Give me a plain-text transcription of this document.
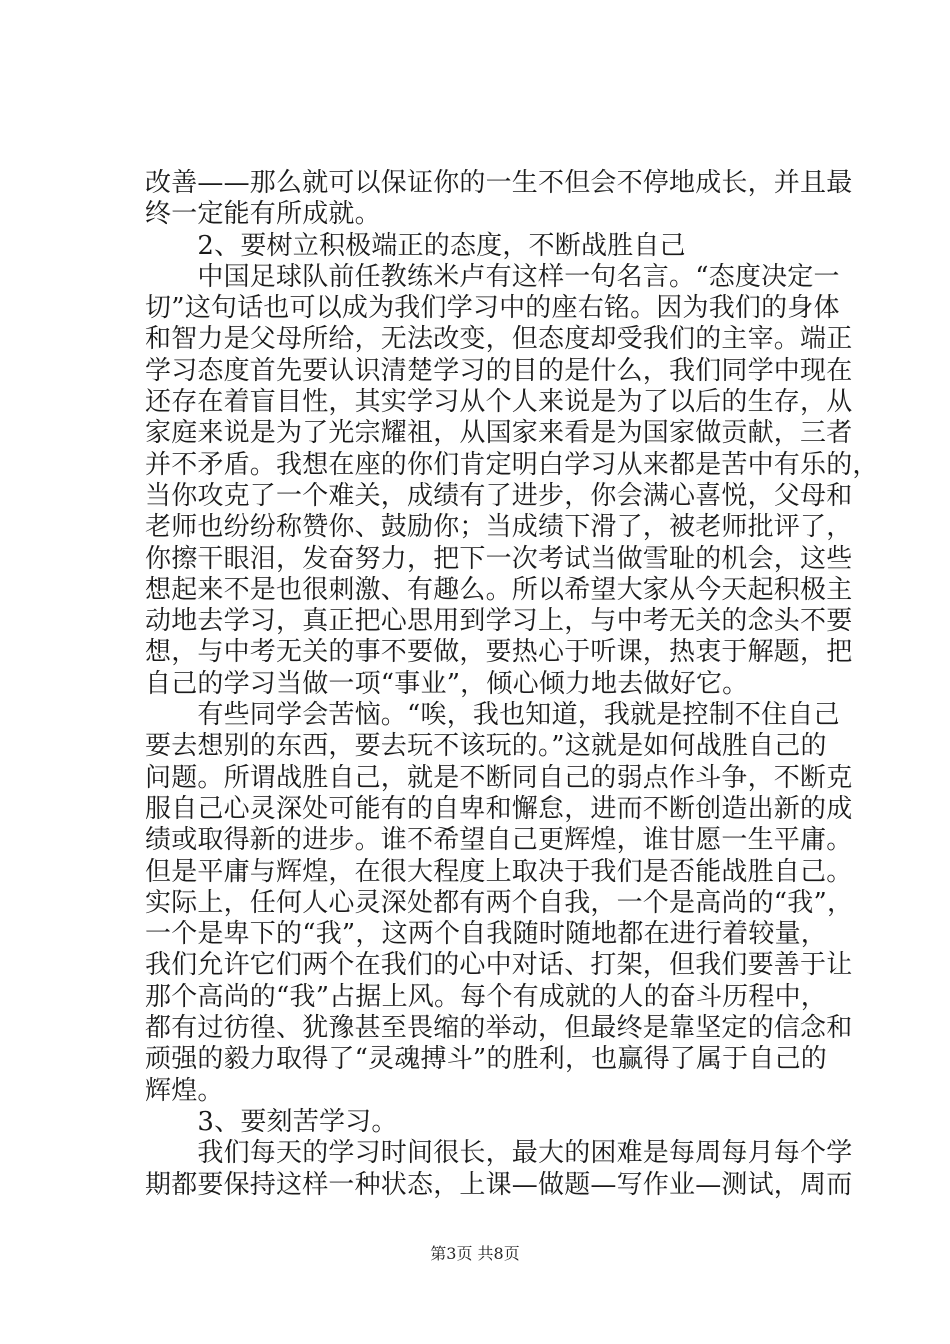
改善——那么就可以保证你的一生不但会不停地成长，并且最
终一定能有所成就。
　　2、要树立积极端正的态度，不断战胜自己
　　中国足球队前任教练米卢有这样一句名言。“态度决定一
切”这句话也可以成为我们学习中的座右铭。因为我们的身体
和智力是父母所给，无法改变，但态度却受我们的主宰。端正
学习态度首先要认识清楚学习的目的是什么，我们同学中现在
还存在着盲目性，其实学习从个人来说是为了以后的生存，从
家庭来说是为了光宗耀祖，从国家来看是为国家做贡献，三者
并不矛盾。我想在座的你们肯定明白学习从来都是苦中有乐的，
当你攻克了一个难关，成绩有了进步，你会满心喜悦，父母和
老师也纷纷称赞你、鼓励你；当成绩下滑了，被老师批评了，
你擦干眼泪，发奋努力，把下一次考试当做雪耻的机会，这些
想起来不是也很刺激、有趣么。所以希望大家从今天起积极主
动地去学习，真正把心思用到学习上，与中考无关的念头不要
想，与中考无关的事不要做，要热心于听课，热衷于解题，把
自己的学习当做一项“事业”，倾心倾力地去做好它。
　　有些同学会苦恼。“唉，我也知道，我就是控制不住自己
要去想别的东西，要去玩不该玩的。”这就是如何战胜自己的
问题。所谓战胜自己，就是不断同自己的弱点作斗争，不断克
服自己心灵深处可能有的自卑和懈怠，进而不断创造出新的成
绩或取得新的进步。谁不希望自己更辉煌，谁甘愿一生平庸。
但是平庸与辉煌，在很大程度上取决于我们是否能战胜自己。
实际上，任何人心灵深处都有两个自我，一个是高尚的“我”，
一个是卑下的“我”，这两个自我随时随地都在进行着较量，
我们允许它们两个在我们的心中对话、打架，但我们要善于让
那个高尚的“我”占据上风。每个有成就的人的奋斗历程中，
都有过彷徨、犹豫甚至畏缩的举动，但最终是靠坚定的信念和
顽强的毅力取得了“灵魂搏斗”的胜利，也赢得了属于自己的
辉煌。
　　3、要刻苦学习。
　　我们每天的学习时间很长，最大的困难是每周每月每个学
期都要保持这样一种状态，上课—做题—写作业—测试，周而
第3页 共8页
